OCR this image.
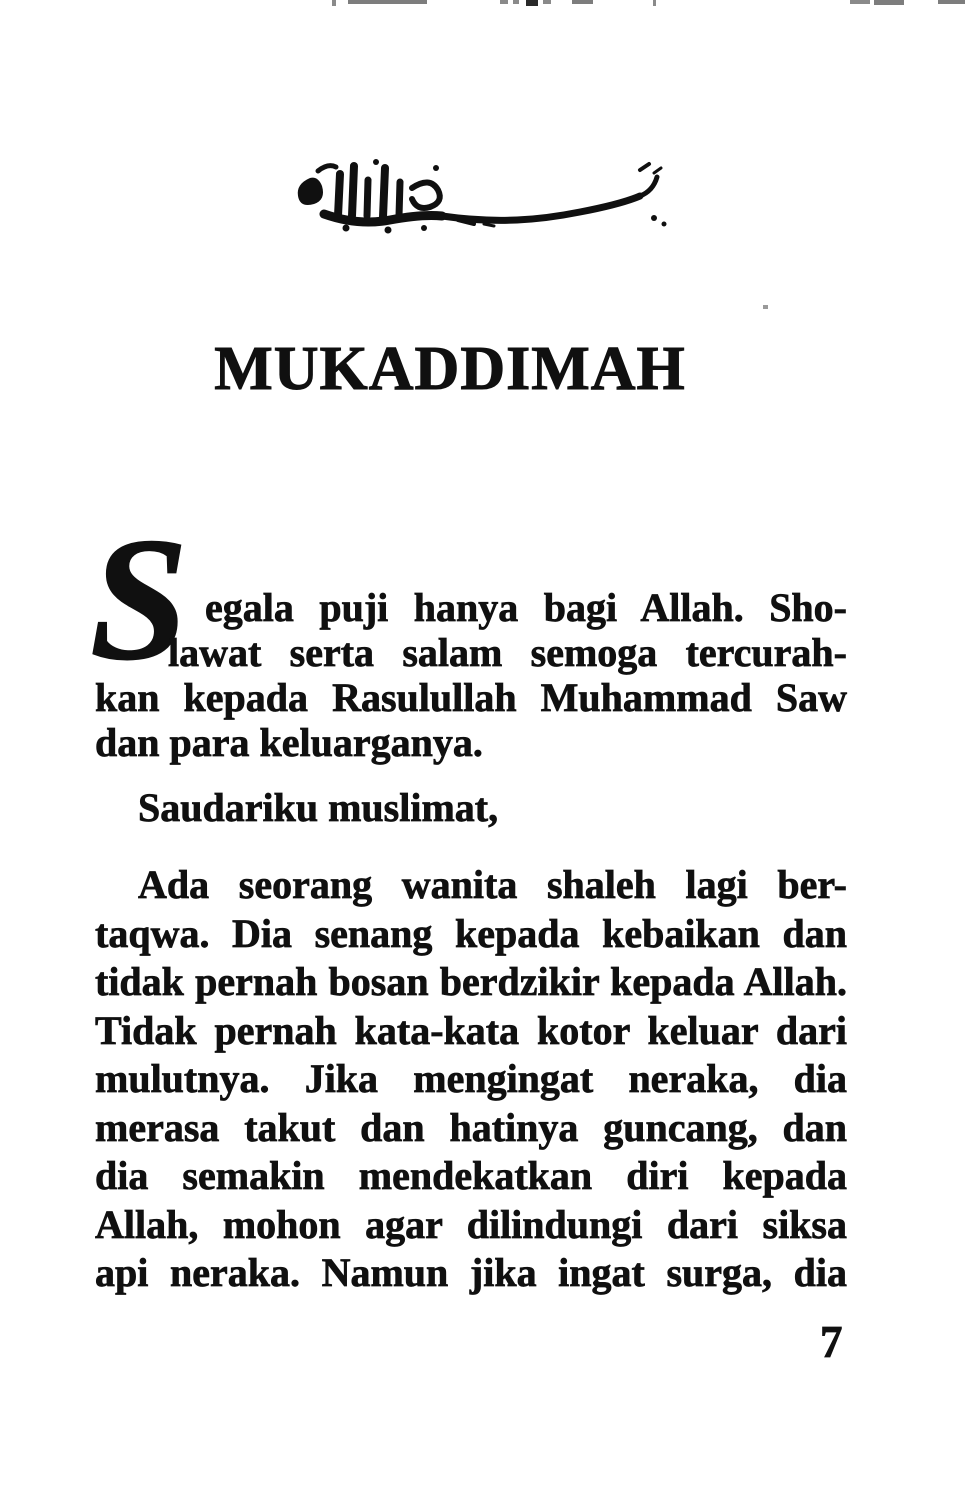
MUKADDIMAH
S egala puji hanya bagi Allah. Sho-
lawat serta salam semoga tercurah-
kan kepada Rasulullah Muhammad Saw
dan para keluarganya.
Saudariku muslimat,
Ada seorang wanita shaleh lagi ber-
taqwa. Dia senang kepada kebaikan dan
tidak pernah bosan berdzikir kepada Allah.
Tidak pernah kata-kata kotor keluar dari
mulutnya. Jika mengingat neraka, dia
merasa takut dan hatinya guncang, dan
dia semakin mendekatkan diri kepada
Allah, mohon agar dilindungi dari siksa
api neraka. Namun jika ingat surga, dia
7
